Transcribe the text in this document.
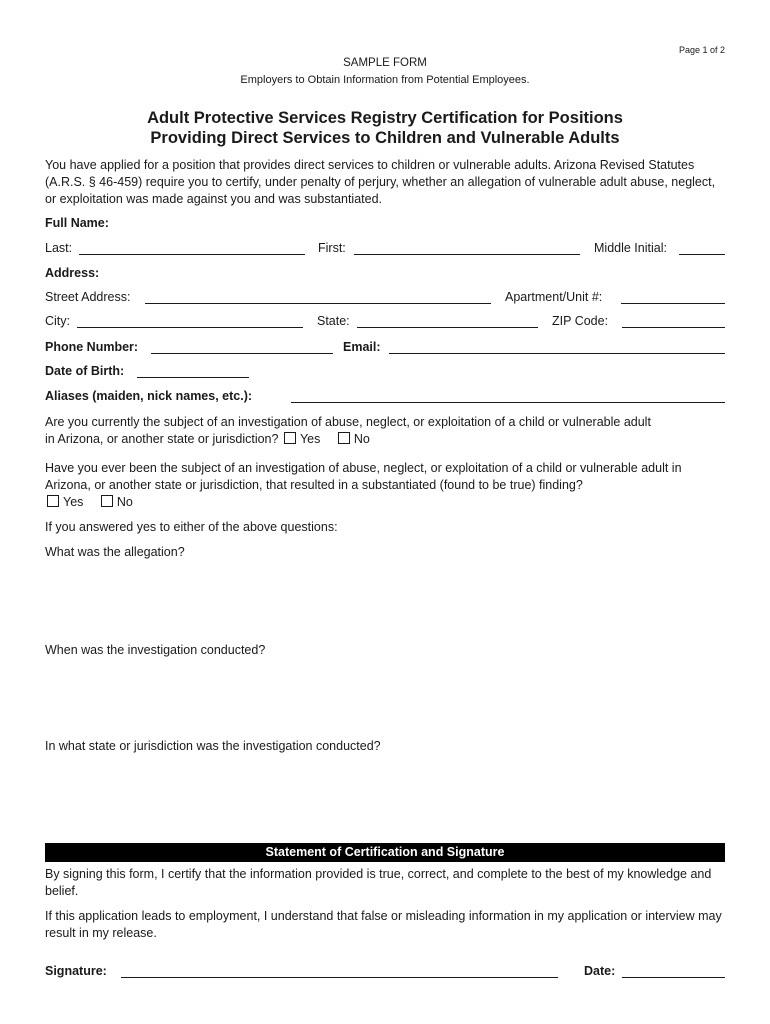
Page 1 of 2
SAMPLE FORM
Employers to Obtain Information from Potential Employees.
Adult Protective Services Registry Certification for Positions
Providing Direct Services to Children and Vulnerable Adults
You have applied for a position that provides direct services to children or vulnerable adults. Arizona Revised Statutes (A.R.S. § 46-459) require you to certify, under penalty of perjury, whether an allegation of vulnerable adult abuse, neglect, or exploitation was made against you and was substantiated.
Full Name:
Last:	First:	Middle Initial:
Address:
Street Address:	Apartment/Unit #:
City:	State:	ZIP Code:
Phone Number:	Email:
Date of Birth:
Aliases (maiden, nick names, etc.):
Are you currently the subject of an investigation of abuse, neglect, or exploitation of a child or vulnerable adult
in Arizona, or another state or jurisdiction? Yes	No
Have you ever been the subject of an investigation of abuse, neglect, or exploitation of a child or vulnerable adult in Arizona, or another state or jurisdiction, that resulted in a substantiated (found to be true) finding?
Yes	No
If you answered yes to either of the above questions:
What was the allegation?
When was the investigation conducted?
In what state or jurisdiction was the investigation conducted?
Statement of Certification and Signature
By signing this form, I certify that the information provided is true, correct, and complete to the best of my knowledge and belief.
If this application leads to employment, I understand that false or misleading information in my application or interview may result in my release.
Signature:	Date:
